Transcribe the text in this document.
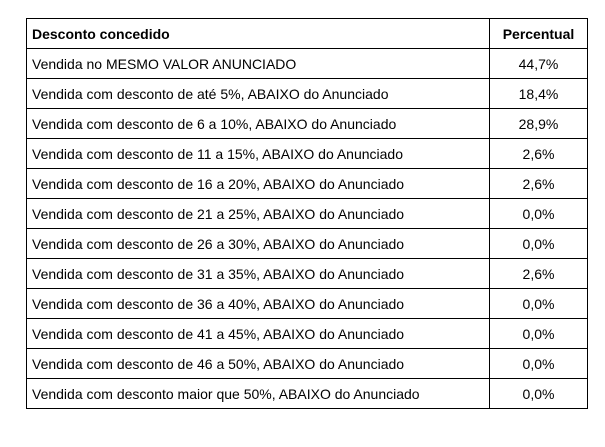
Desconto concedido	Percentual
Vendida no MESMO VALOR ANUNCIADO	44,7%
Vendida com desconto de até 5%, ABAIXO do Anunciado	18,4%
Vendida com desconto de 6 a 10%, ABAIXO do Anunciado	28,9%
Vendida com desconto de 11 a 15%, ABAIXO do Anunciado	2,6%
Vendida com desconto de 16 a 20%, ABAIXO do Anunciado	2,6%
Vendida com desconto de 21 a 25%, ABAIXO do Anunciado	0,0%
Vendida com desconto de 26 a 30%, ABAIXO do Anunciado	0,0%
Vendida com desconto de 31 a 35%, ABAIXO do Anunciado	2,6%
Vendida com desconto de 36 a 40%, ABAIXO do Anunciado	0,0%
Vendida com desconto de 41 a 45%, ABAIXO do Anunciado	0,0%
Vendida com desconto de 46 a 50%, ABAIXO do Anunciado	0,0%
Vendida com desconto maior que 50%, ABAIXO do Anunciado	0,0%
